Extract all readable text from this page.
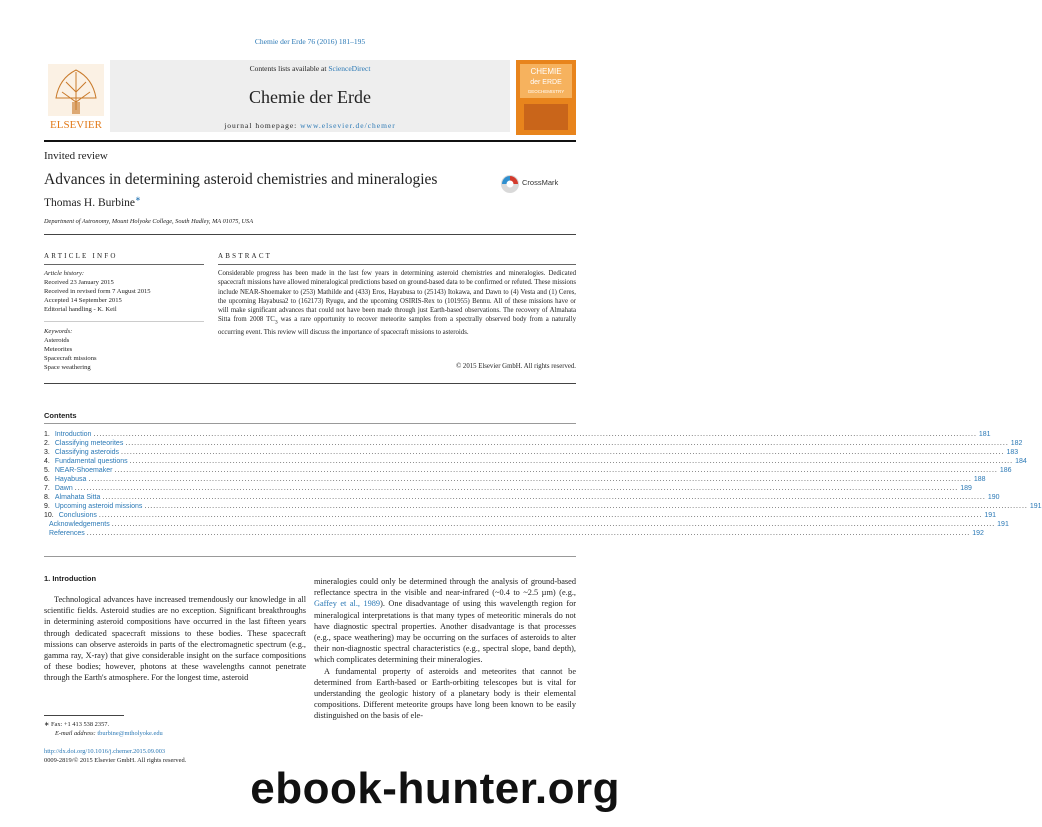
Chemie der Erde 76 (2016) 181–195
ELSEVIER
Contents lists available at ScienceDirect
Chemie der Erde
journal homepage: www.elsevier.de/chemer
CHEMIE
der ERDE
GEOCHEMISTRY
Invited review
Advances in determining asteroid chemistries and mineralogies	CrossMark
Thomas H. Burbine∗
Department of Astronomy, Mount Holyoke College, South Hadley, MA 01075, USA
ARTICLE INFO
Article history:
Received 23 January 2015
Received in revised form 7 August 2015
Accepted 14 September 2015
Editorial handling - K. Keil
Keywords:
Asteroids
Meteorites
Spacecraft missions
Space weathering
ABSTRACT
Considerable progress has been made in the last few years in determining asteroid chemistries and mineralogies. Dedicated spacecraft missions have allowed mineralogical predictions based on ground-based data to be confirmed or refuted. These missions include NEAR-Shoemaker to (253) Mathilde and (433) Eros, Hayabusa to (25143) Itokawa, and Dawn to (4) Vesta and (1) Ceres, the upcoming Hayabusa2 to (162173) Ryugu, and the upcoming OSIRIS-Rex to (101955) Bennu. All of these missions have or will make significant advances that could not have been made through just Earth-based observations. The recovery of Almahata Sitta from 2008 $TC_3$ was a rare opportunity to recover meteorite samples from a spectrally observed body from a naturally occurring event. This review will discuss the importance of spacecraft missions to asteroids.
© 2015 Elsevier GmbH. All rights reserved.
Contents
1. Introduction ............................................................................................................................................................................................................................................................................................................ 181
2. Classifying meteorites ............................................................................................................................................................................................................................................................................................................ 182
3. Classifying asteroids ............................................................................................................................................................................................................................................................................................................ 183
4. Fundamental questions ............................................................................................................................................................................................................................................................................................................ 184
5. NEAR-Shoemaker ............................................................................................................................................................................................................................................................................................................ 186
6. Hayabusa ............................................................................................................................................................................................................................................................................................................ 188
7. Dawn ............................................................................................................................................................................................................................................................................................................ 189
8. Almahata Sitta ............................................................................................................................................................................................................................................................................................................ 190
9. Upcoming asteroid missions ............................................................................................................................................................................................................................................................................................................ 191
10. Conclusions ............................................................................................................................................................................................................................................................................................................ 191
Acknowledgements ............................................................................................................................................................................................................................................................................................................ 191
References ............................................................................................................................................................................................................................................................................................................ 192
1. Introduction

Technological advances have increased tremendously our knowledge in all scientific fields. Asteroid studies are no exception. Significant breakthroughs in determining asteroid compositions have occurred in the last fifteen years through dedicated spacecraft missions to these bodies. These spacecraft missions can observe asteroids in parts of the electromagnetic spectrum (e.g., gamma ray, X-ray) that give considerable insight on the surface compositions of these bodies; however, photons at these wavelengths cannot penetrate through the Earth's atmosphere. For the longest time, asteroid

mineralogies could only be determined through the analysis of ground-based reflectance spectra in the visible and near-infrared (~0.4 to ~2.5 µm) (e.g., Gaffey et al., 1989). One disadvantage of using this wavelength region for mineralogical interpretations is that many types of meteoritic minerals do not have diagnostic spectral properties. Another disadvantage is that processes (e.g., space weathering) may be occurring on the surfaces of asteroids to alter their non-diagnostic spectral characteristics (e.g., spectral slope, band depth), which complicates determining their mineralogies.

A fundamental property of asteroids and meteorites that cannot be determined from Earth-based or Earth-orbiting telescopes but is vital for understanding the geologic history of a planetary body is their elemental compositions. Different meteorite groups have long been known to be easily distinguished on the basis of ele-

∗ Fax: +1 413 538 2357.
E-mail address: tburbine@mtholyoke.edu
http://dx.doi.org/10.1016/j.chemer.2015.09.003
0009-2819/© 2015 Elsevier GmbH. All rights reserved.
ebook-hunter.org
